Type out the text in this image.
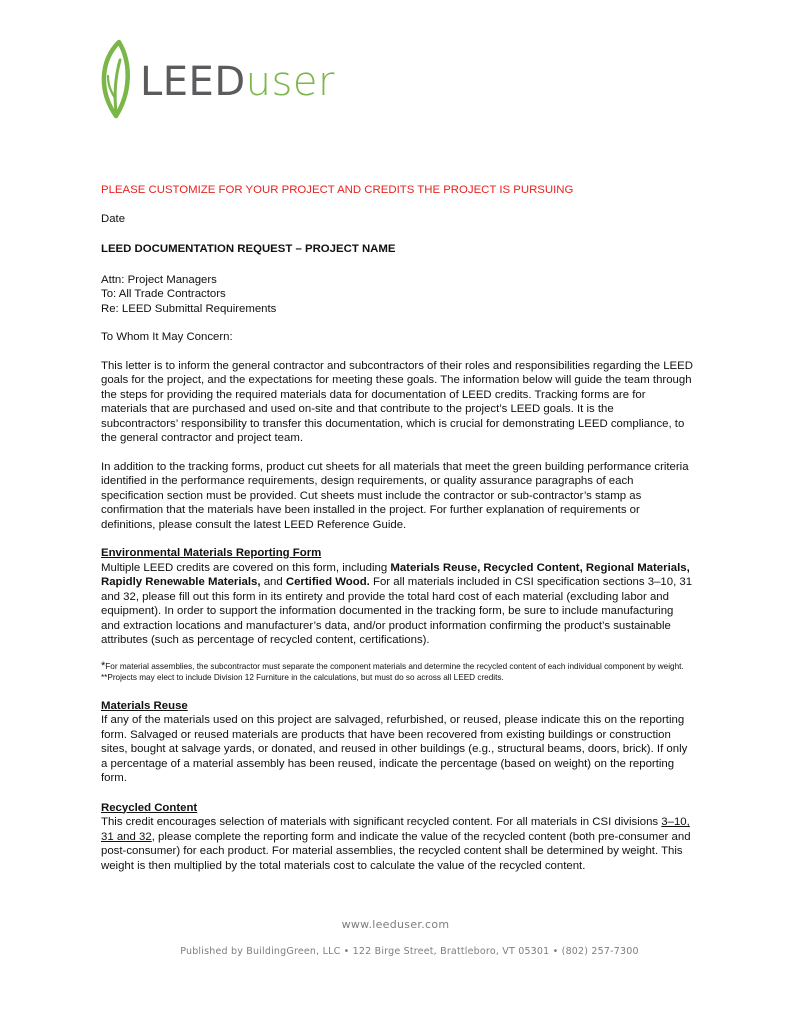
LEEDuser

PLEASE CUSTOMIZE FOR YOUR PROJECT AND CREDITS THE PROJECT IS PURSUING

Date

LEED DOCUMENTATION REQUEST – PROJECT NAME

Attn: Project Managers

To: All Trade Contractors

Re: LEED Submittal Requirements

To Whom It May Concern:

This letter is to inform the general contractor and subcontractors of their roles and responsibilities regarding the LEED goals for the project, and the expectations for meeting these goals. The information below will guide the team through the steps for providing the required materials data for documentation of LEED credits. Tracking forms are for materials that are purchased and used on-site and that contribute to the project’s LEED goals. It is the subcontractors’ responsibility to transfer this documentation, which is crucial for demonstrating LEED compliance, to the general contractor and project team.

In addition to the tracking forms, product cut sheets for all materials that meet the green building performance criteria identified in the performance requirements, design requirements, or quality assurance paragraphs of each specification section must be provided. Cut sheets must include the contractor or sub-contractor’s stamp as confirmation that the materials have been installed in the project. For further explanation of requirements or definitions, please consult the latest LEED Reference Guide.

Environmental Materials Reporting Form

Multiple LEED credits are covered on this form, including Materials Reuse, Recycled Content, Regional Materials, Rapidly Renewable Materials, and Certified Wood. For all materials included in CSI specification sections 3–10, 31 and 32, please fill out this form in its entirety and provide the total hard cost of each material (excluding labor and equipment). In order to support the information documented in the tracking form, be sure to include manufacturing and extraction locations and manufacturer’s data, and/or product information confirming the product’s sustainable attributes (such as percentage of recycled content, certifications).

*For material assemblies, the subcontractor must separate the component materials and determine the recycled content of each individual component by weight.

**Projects may elect to include Division 12 Furniture in the calculations, but must do so across all LEED credits.

Materials Reuse

If any of the materials used on this project are salvaged, refurbished, or reused, please indicate this on the reporting form. Salvaged or reused materials are products that have been recovered from existing buildings or construction sites, bought at salvage yards, or donated, and reused in other buildings (e.g., structural beams, doors, brick). If only a percentage of a material assembly has been reused, indicate the percentage (based on weight) on the reporting form.

Recycled Content

This credit encourages selection of materials with significant recycled content. For all materials in CSI divisions 3–10, 31 and 32, please complete the reporting form and indicate the value of the recycled content (both pre-consumer and post-consumer) for each product. For material assemblies, the recycled content shall be determined by weight. This weight is then multiplied by the total materials cost to calculate the value of the recycled content.

www.leeduser.com
Published by BuildingGreen, LLC • 122 Birge Street, Brattleboro, VT 05301 • (802) 257-7300
